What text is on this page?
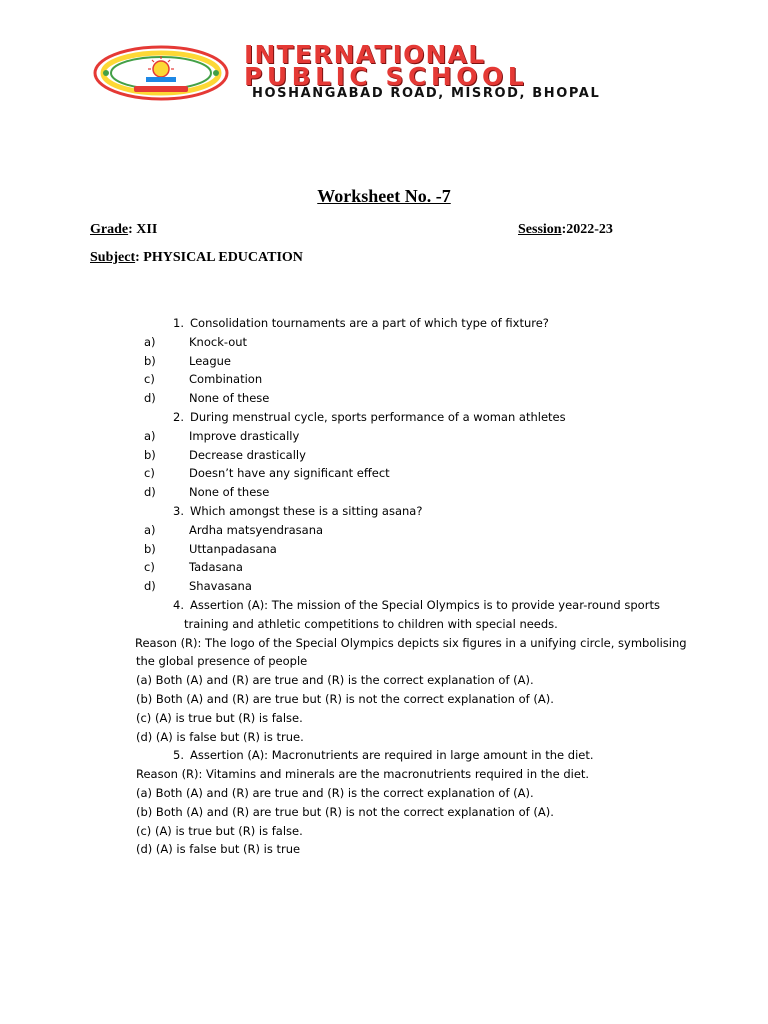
INTERNATIONAL
PUBLIC SCHOOL
HOSHANGABAD ROAD, MISROD, BHOPAL
Worksheet No. -7
Grade: XII	Session:2022-23
Subject: PHYSICAL EDUCATION
1. Consolidation tournaments are a part of which type of fixture?
a)	Knock-out
b)	League
c)	Combination
d)	None of these
2. During menstrual cycle, sports performance of a woman athletes
a)	Improve drastically
b)	Decrease drastically
c)	Doesn’t have any significant effect
d)	None of these
3. Which amongst these is a sitting asana?
a)	Ardha matsyendrasana
b)	Uttanpadasana
c)	Tadasana
d)	Shavasana
4. Assertion (A): The mission of the Special Olympics is to provide year-round sports
training and athletic competitions to children with special needs.
Reason (R): The logo of the Special Olympics depicts six figures in a unifying circle, symbolising
the global presence of people
(a) Both (A) and (R) are true and (R) is the correct explanation of (A).
(b) Both (A) and (R) are true but (R) is not the correct explanation of (A).
(c) (A) is true but (R) is false.
(d) (A) is false but (R) is true.
5. Assertion (A): Macronutrients are required in large amount in the diet.
Reason (R): Vitamins and minerals are the macronutrients required in the diet.
(a) Both (A) and (R) are true and (R) is the correct explanation of (A).
(b) Both (A) and (R) are true but (R) is not the correct explanation of (A).
(c) (A) is true but (R) is false.
(d) (A) is false but (R) is true
